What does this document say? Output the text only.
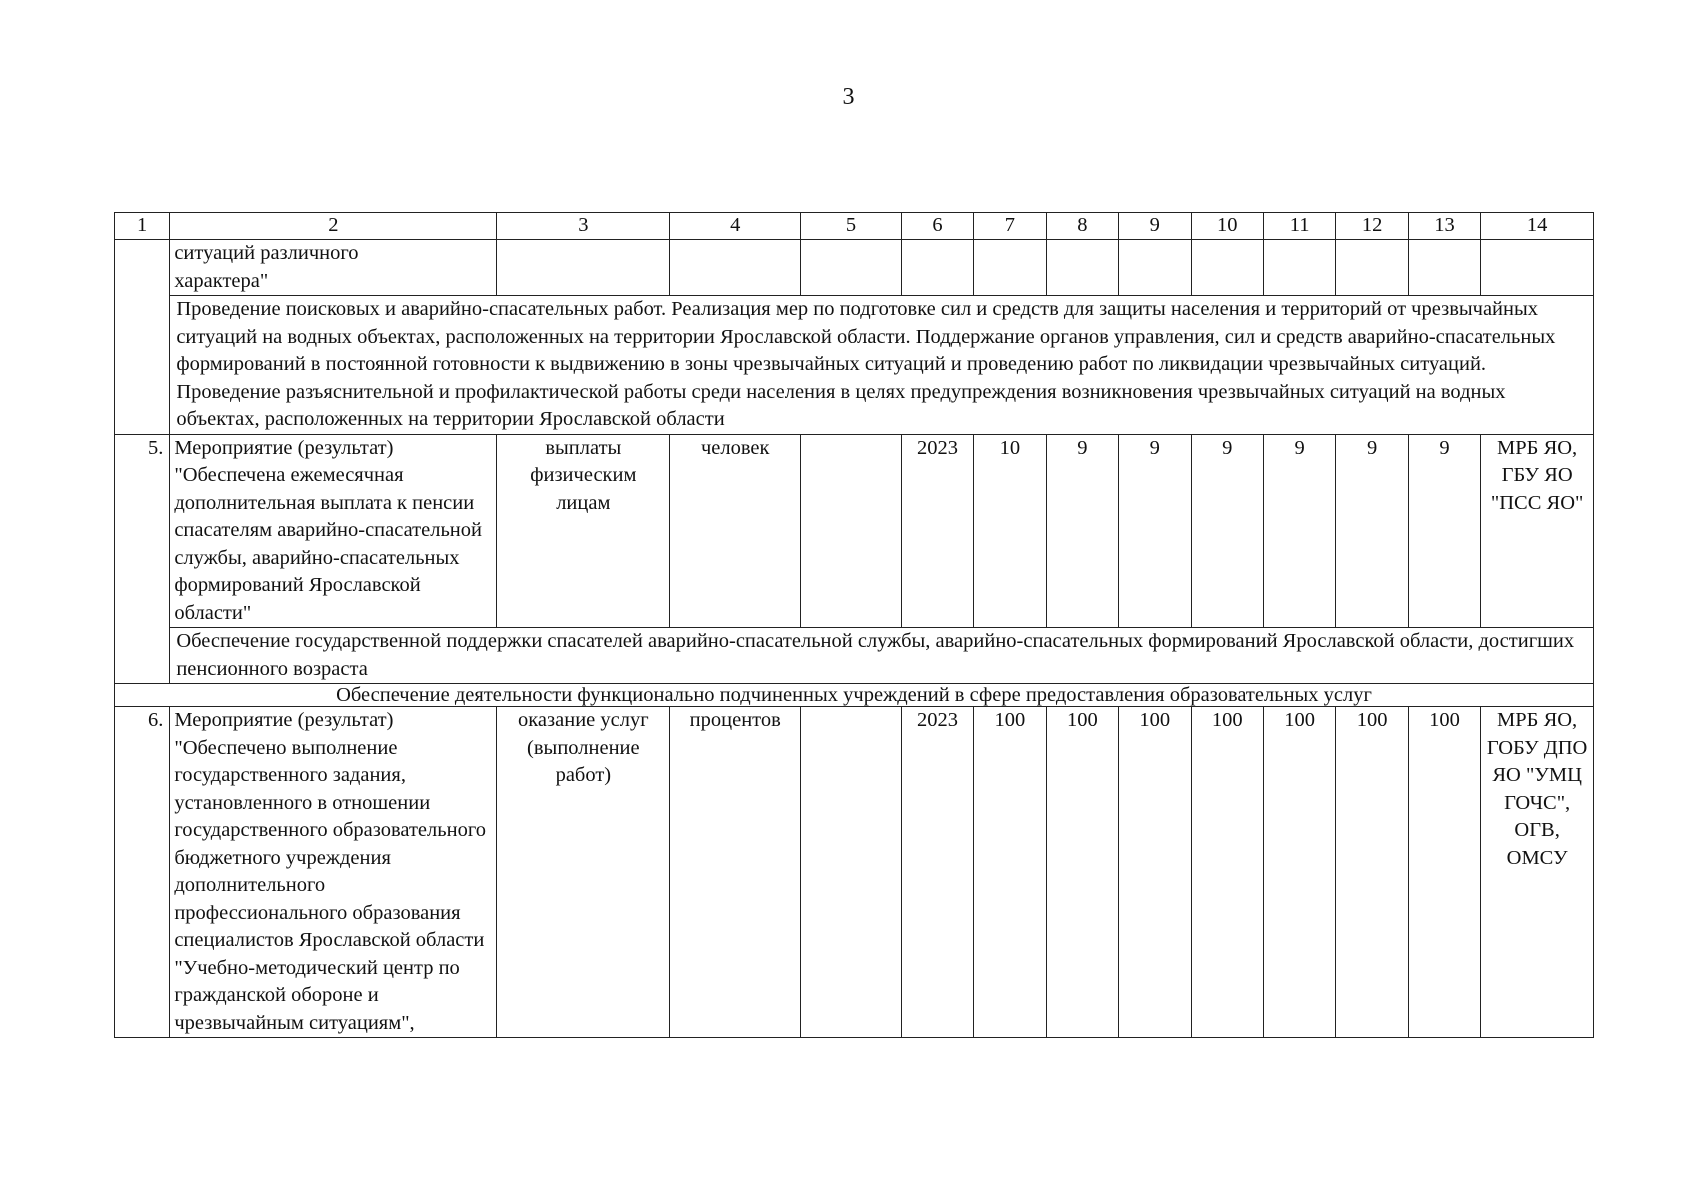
3
1	2	3	4	5	6	7	8	9	10	11	12	13	14
	ситуаций различного
характера"												
	Проведение поисковых и аварийно-спасательных работ. Реализация мер по подготовке сил и средств для защиты населения и территорий от чрезвычайных ситуаций на водных объектах, расположенных на территории Ярославской области. Поддержание органов управления, сил и средств аварийно-спасательных формирований в постоянной готовности к выдвижению в зоны чрезвычайных ситуаций и проведению работ по ликвидации чрезвычайных ситуаций. Проведение разъяснительной и профилактической работы среди населения в целях предупреждения возникновения чрезвычайных ситуаций на водных объектах, расположенных на территории Ярославской области												

5.	Мероприятие (результат) "Обеспечена ежемесячная дополнительная выплата к пенсии спасателям аварийно-спасательной службы, аварийно-спасательных формирований Ярославской области"	выплаты физическим лицам	человек		2023	10	9	9	9	9	9	9	МРБ ЯО, ГБУ ЯО "ПСС ЯО"
	Обеспечение государственной поддержки спасателей аварийно-спасательной службы, аварийно-спасательных формирований Ярославской области, достигших пенсионного возраста												
Обеспечение деятельности функционально подчиненных учреждений в сфере предоставления образовательных услуг													
6.	Мероприятие (результат) "Обеспечено выполнение государственного задания, установленного в отношении государственного образовательного бюджетного учреждения дополнительного профессионального образования специалистов Ярославской области "Учебно-методический центр по гражданской обороне и чрезвычайным ситуациям",	оказание услуг (выполнение работ)	процентов		2023	100	100	100	100	100	100	100	МРБ ЯО, ГОБУ ДПО ЯО "УМЦ ГОЧС", ОГВ, ОМСУ
